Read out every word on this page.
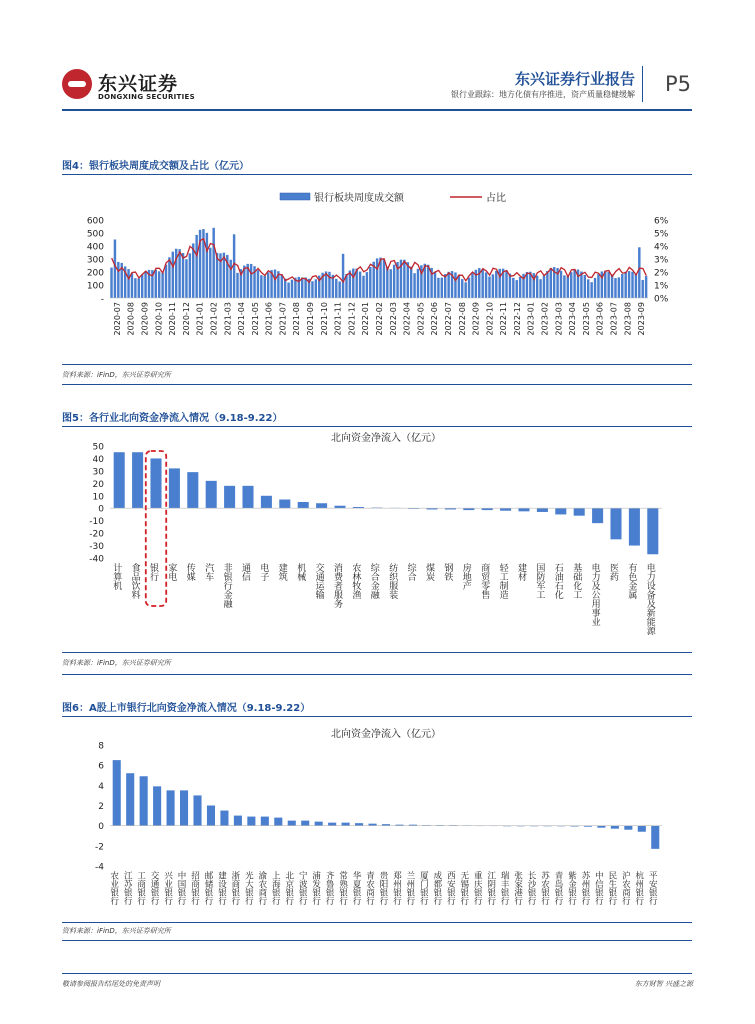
东兴证券
DONGXING SECURITIES
东兴证券行业报告
银行业跟踪：地方化债有序推进，资产质量稳健缓解 P5
图4：银行板块周度成交额及占比（亿元）
银行板块周度成交额	占比
600
500
400
300
200
100
-
6%
5%
4%
3%
2%
1%
0%
2020-07 2020-08 2020-09 2020-10 2020-11 2020-12 2021-01 2021-02 2021-03 2021-04 2021-05 2021-06 2021-07 2021-08 2021-09 2021-10 2021-11 2021-12 2022-01 2022-02 2022-03 2022-04 2022-05 2022-06 2022-07 2022-08 2022-09 2022-10 2022-11 2022-12 2023-01 2023-02 2023-03 2023-04 2023-05 2023-06 2023-07 2023-08 2023-09
资料来源：iFinD，东兴证券研究所
图5：各行业北向资金净流入情况（9.18-9.22）
北向资金净流入（亿元）
50
40
30
20
10
0
-10
-20
-30
-40
计算机 食品饮料 银行 家电 传媒 汽车 非银行金融 通信 电子 建筑 机械 交通运输 消费者服务 农林牧渔 综合金融 纺织服装 综合 煤炭 钢铁 房地产 商贸零售 轻工制造 建材 国防军工 石油石化 基础化工 电力及公用事业 医药 有色金属 电力设备及新能源
资料来源：iFinD，东兴证券研究所
图6：A股上市银行北向资金净流入情况（9.18-9.22）
北向资金净流入（亿元）
8
6
4
2
0
-2
-4
农业银行 江苏银行 工商银行 交通银行 兴业银行 中国银行 招商银行 邮储银行 建设银行 浙商银行 光大银行 渝农商行 上海银行 北京银行 宁波银行 浦发银行 齐鲁银行 常熟银行 华夏银行 青农商行 贵阳银行 郑州银行 兰州银行 厦门银行 成都银行 西安银行 无锡银行 重庆银行 江阴银行 瑞丰银行 张家港行 长沙银行 苏农银行 青岛银行 紫金银行 苏州银行 中信银行 民生银行 沪农商行 杭州银行 平安银行
资料来源：iFinD，东兴证券研究所
敬请参阅报告结尾处的免责声明	东方财智 兴盛之源
